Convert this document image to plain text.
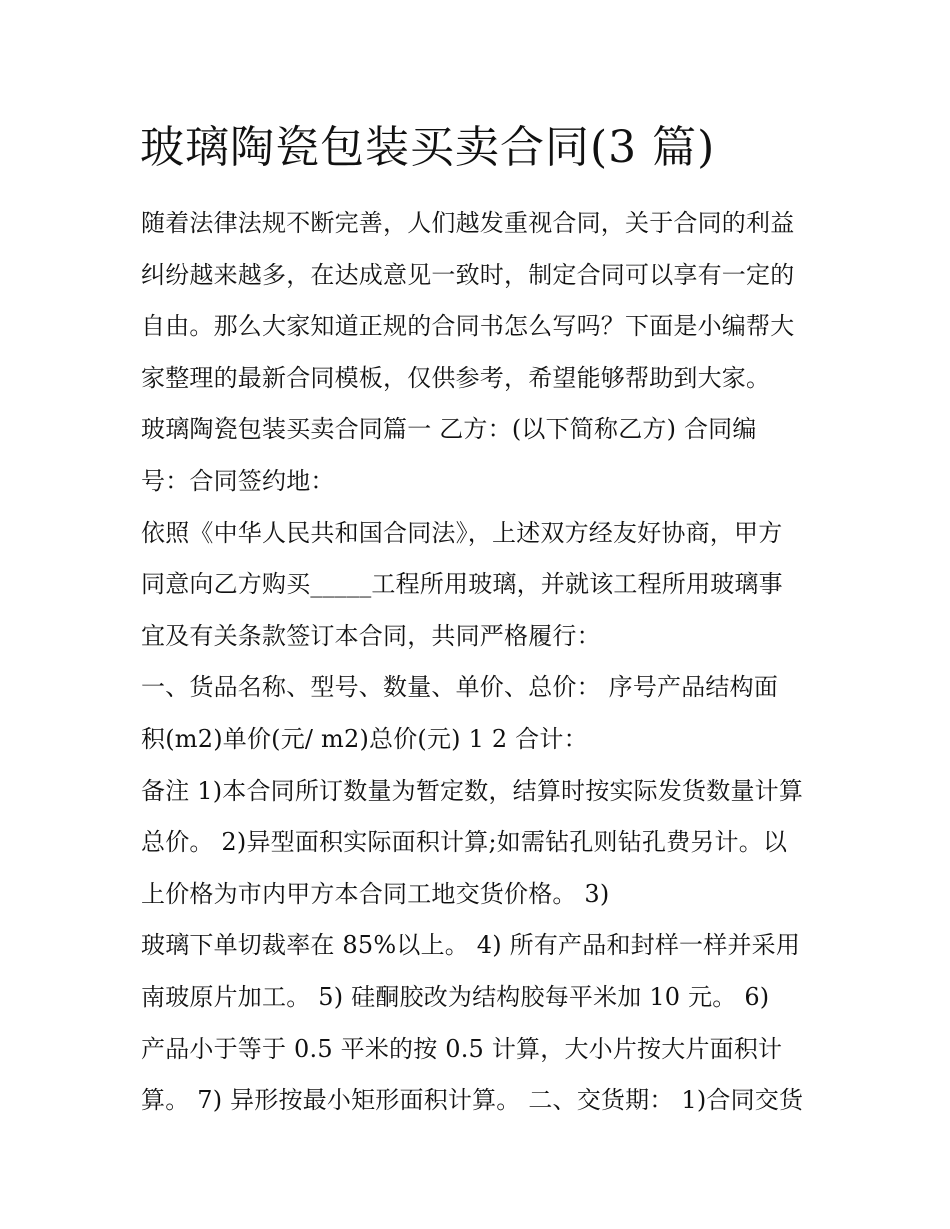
玻璃陶瓷包装买卖合同(3 篇)
随着法律法规不断完善，人们越发重视合同，关于合同的利益
纠纷越来越多，在达成意见一致时，制定合同可以享有一定的
自由。那么大家知道正规的合同书怎么写吗？下面是小编帮大
家整理的最新合同模板，仅供参考，希望能够帮助到大家。
玻璃陶瓷包装买卖合同篇一 乙方：(以下简称乙方) 合同编
号：合同签约地：
依照《中华人民共和国合同法》，上述双方经友好协商，甲方
同意向乙方购买_____工程所用玻璃，并就该工程所用玻璃事
宜及有关条款签订本合同，共同严格履行：
一、货品名称、型号、数量、单价、总价： 序号产品结构面
积(m2)单价(元/ m2)总价(元) 1 2 合计：
备注 1)本合同所订数量为暂定数，结算时按实际发货数量计算
总价。 2)异型面积实际面积计算;如需钻孔则钻孔费另计。以
上价格为市内甲方本合同工地交货价格。 3)
玻璃下单切裁率在 85%以上。 4) 所有产品和封样一样并采用
南玻原片加工。 5) 硅酮胶改为结构胶每平米加 10 元。 6)
产品小于等于 0.5 平米的按 0.5 计算，大小片按大片面积计
算。 7) 异形按最小矩形面积计算。 二、交货期： 1)合同交货
